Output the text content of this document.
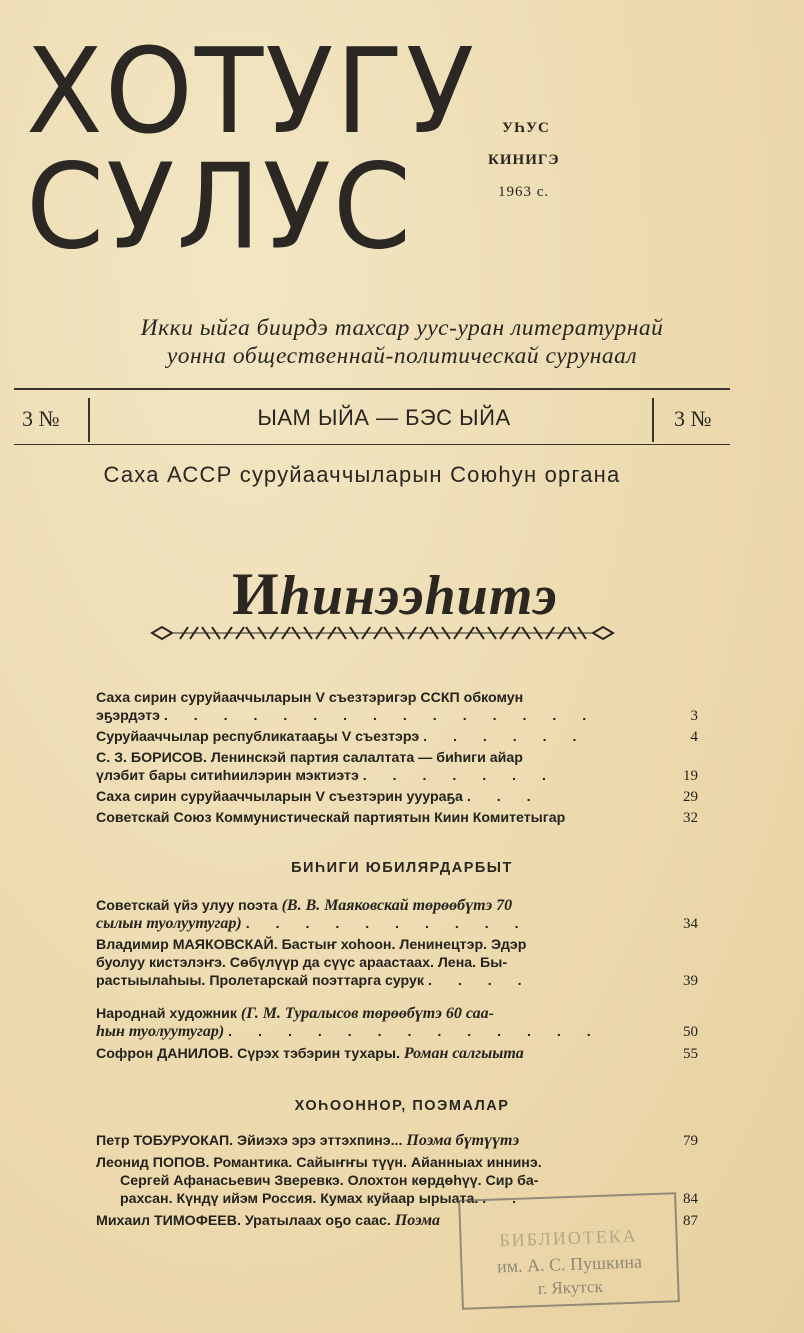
ХОТУГУ
СУЛУС
УҺУС
КИНИГЭ
1963 с.
Икки ыйга биирдэ тахсар уус-уран литературнай
уонна общественнай-политическай сурунаал
3 №	ЫАМ ЫЙА — БЭС ЫЙА	3 №
Саха АССР суруйааччыларын Союһун органа
Иһинээһитэ
Саха сирин суруйааччыларын V съезтэригэр ССКП обкомун
эҕэрдэтэ . . . . . . . . . . . . . . .	3
Суруйааччылар республикатааҕы V съезтэрэ . . . . . .	4
С. З. БОРИСОВ. Ленинскэй партия салалтата — биһиги айар
үлэбит бары ситиһиилэрин мэктиэтэ . . . . . . .	19
Саха сирин суруйааччыларын V съезтэрин ууураҕа . . .	29
Советскай Союз Коммунистическай партиятын Киин Комитетыгар	32
БИҺИГИ ЮБИЛЯРДАРБЫТ
Советскай үйэ улуу поэта (В. В. Маяковскай төрөөбүтэ 70
сылын туолуутугар) . . . . . . . . . .	34
Владимир МАЯКОВСКАЙ. Бастыҥ хоһоон. Ленинецтэр. Эдэр
буолуу кистэлэҥэ. Сөбүлүүр да сүүс араастаах. Лена. Бы-
растыылаһыы. Пролетарскай поэттарга сурук . . . .	39
Народнай художник (Г. М. Туралысов төрөөбүтэ 60 саа-
һын туолуутугар) . . . . . . . . . . . . .	50
Софрон ДАНИЛОВ. Сүрэх тэбэрин тухары. Роман салгыыта	55
ХОҺООННОР, ПОЭМАЛАР
Петр ТОБУРУОКАП. Эйиэхэ эрэ эттэхпинэ... Поэма бүтүүтэ	79
Леонид ПОПОВ. Романтика. Сайыҥҥы түүн. Айанныах иннинэ.
Сергей Афанасьевич Зверевкэ. Олохтон көрдөһүү. Сир ба-
рахсан. Күндү ийэм Россия. Кумах куйаар ырыата. . .	84
Михаил ТИМОФЕЕВ. Уратылаах оҕо саас. Поэма	87
БИБЛИОТЕКА
им. А. С. Пушкина
г. Якутск
